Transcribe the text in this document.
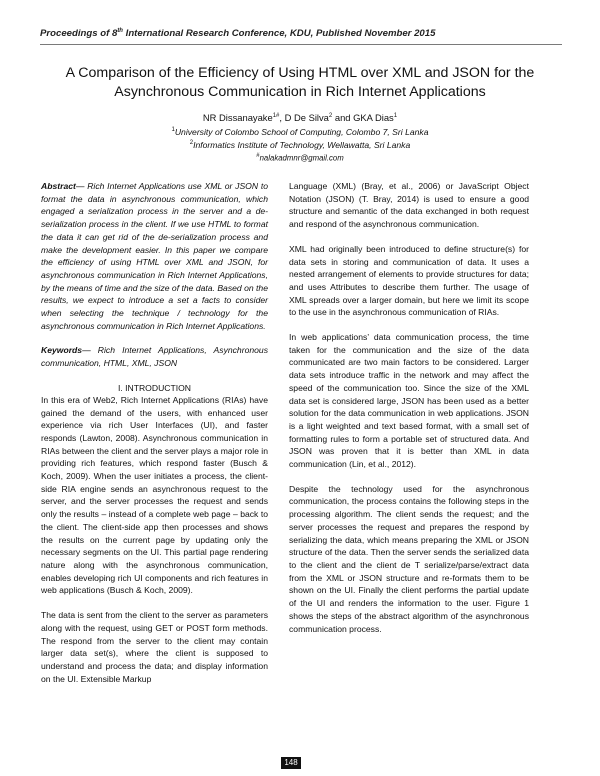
Proceedings of 8th International Research Conference, KDU, Published November 2015
A Comparison of the Efficiency of Using HTML over XML and JSON for the Asynchronous Communication in Rich Internet Applications
NR Dissanayake$^{1\#}$, D De Silva$^2$ and GKA Dias$^1$
$^1$University of Colombo School of Computing, Colombo 7, Sri Lanka
$^2$Informatics Institute of Technology, Wellawatta, Sri Lanka
#nalakadmnr@gmail.com

Abstract— Rich Internet Applications use XML or JSON to format the data in asynchronous communication, which engaged a serialization process in the server and a de-serialization process in the client. If we use HTML to format the data it can get rid of the de-serialization process and make the development easier. In this paper we compare the efficiency of using HTML over XML and JSON, for asynchronous communication in Rich Internet Applications, by the means of time and the size of the data. Based on the results, we expect to introduce a set a facts to consider when selecting the technique / technology for the asynchronous communication in Rich Internet Applications.

Keywords— Rich Internet Applications, Asynchronous communication, HTML, XML, JSON

I. INTRODUCTION

In this era of Web2, Rich Internet Applications (RIAs) have gained the demand of the users, with enhanced user experience via rich User Interfaces (UI), and faster responds (Lawton, 2008). Asynchronous communication in RIAs between the client and the server plays a major role in providing rich features, which respond faster (Busch & Koch, 2009). When the user initiates a process, the client-side RIA engine sends an asynchronous request to the server, and the server processes the request and sends only the results – instead of a complete web page – back to the client. The client-side app then processes and shows the results on the current page by updating only the necessary segments on the UI. This partial page rendering nature along with the asynchronous communication, enables developing rich UI components and rich features in web applications (Busch & Koch, 2009).

The data is sent from the client to the server as parameters along with the request, using GET or POST form methods. The respond from the server to the client may contain larger data set(s), where the client is supposed to understand and process the data; and display information on the UI. Extensible Markup

Language (XML) (Bray, et al., 2006) or JavaScript Object Notation (JSON) (T. Bray, 2014) is used to ensure a good structure and semantic of the data exchanged in both request and respond of the asynchronous communication.

XML had originally been introduced to define structure(s) for data sets in storing and communication of data. It uses a nested arrangement of elements to provide structures for data; and uses Attributes to describe them further. The usage of XML spreads over a larger domain, but here we limit its scope to the use in the asynchronous communication of RIAs.

In web applications’ data communication process, the time taken for the communication and the size of the data communicated are two main factors to be considered. Larger data sets introduce traffic in the network and may affect the speed of the communication too. Since the size of the XML data set is considered large, JSON has been used as a better solution for the data communication in web applications. JSON is a light weighted and text based format, with a small set of formatting rules to form a portable set of structured data. And JSON was proven that it is better than XML in data communication (Lin, et al., 2012).

Despite the technology used for the asynchronous communication, the process contains the following steps in the processing algorithm. The client sends the request; and the server processes the request and prepares the respond by serializing the data, which means preparing the XML or JSON structure of the data. Then the server sends the serialized data to the client and the client de T serialize/parse/extract data from the XML or JSON structure and re-formats them to be shown on the UI. Finally the client performs the partial update of the UI and renders the information to the user. Figure 1 shows the steps of the abstract algorithm of the asynchronous communication process.

148
